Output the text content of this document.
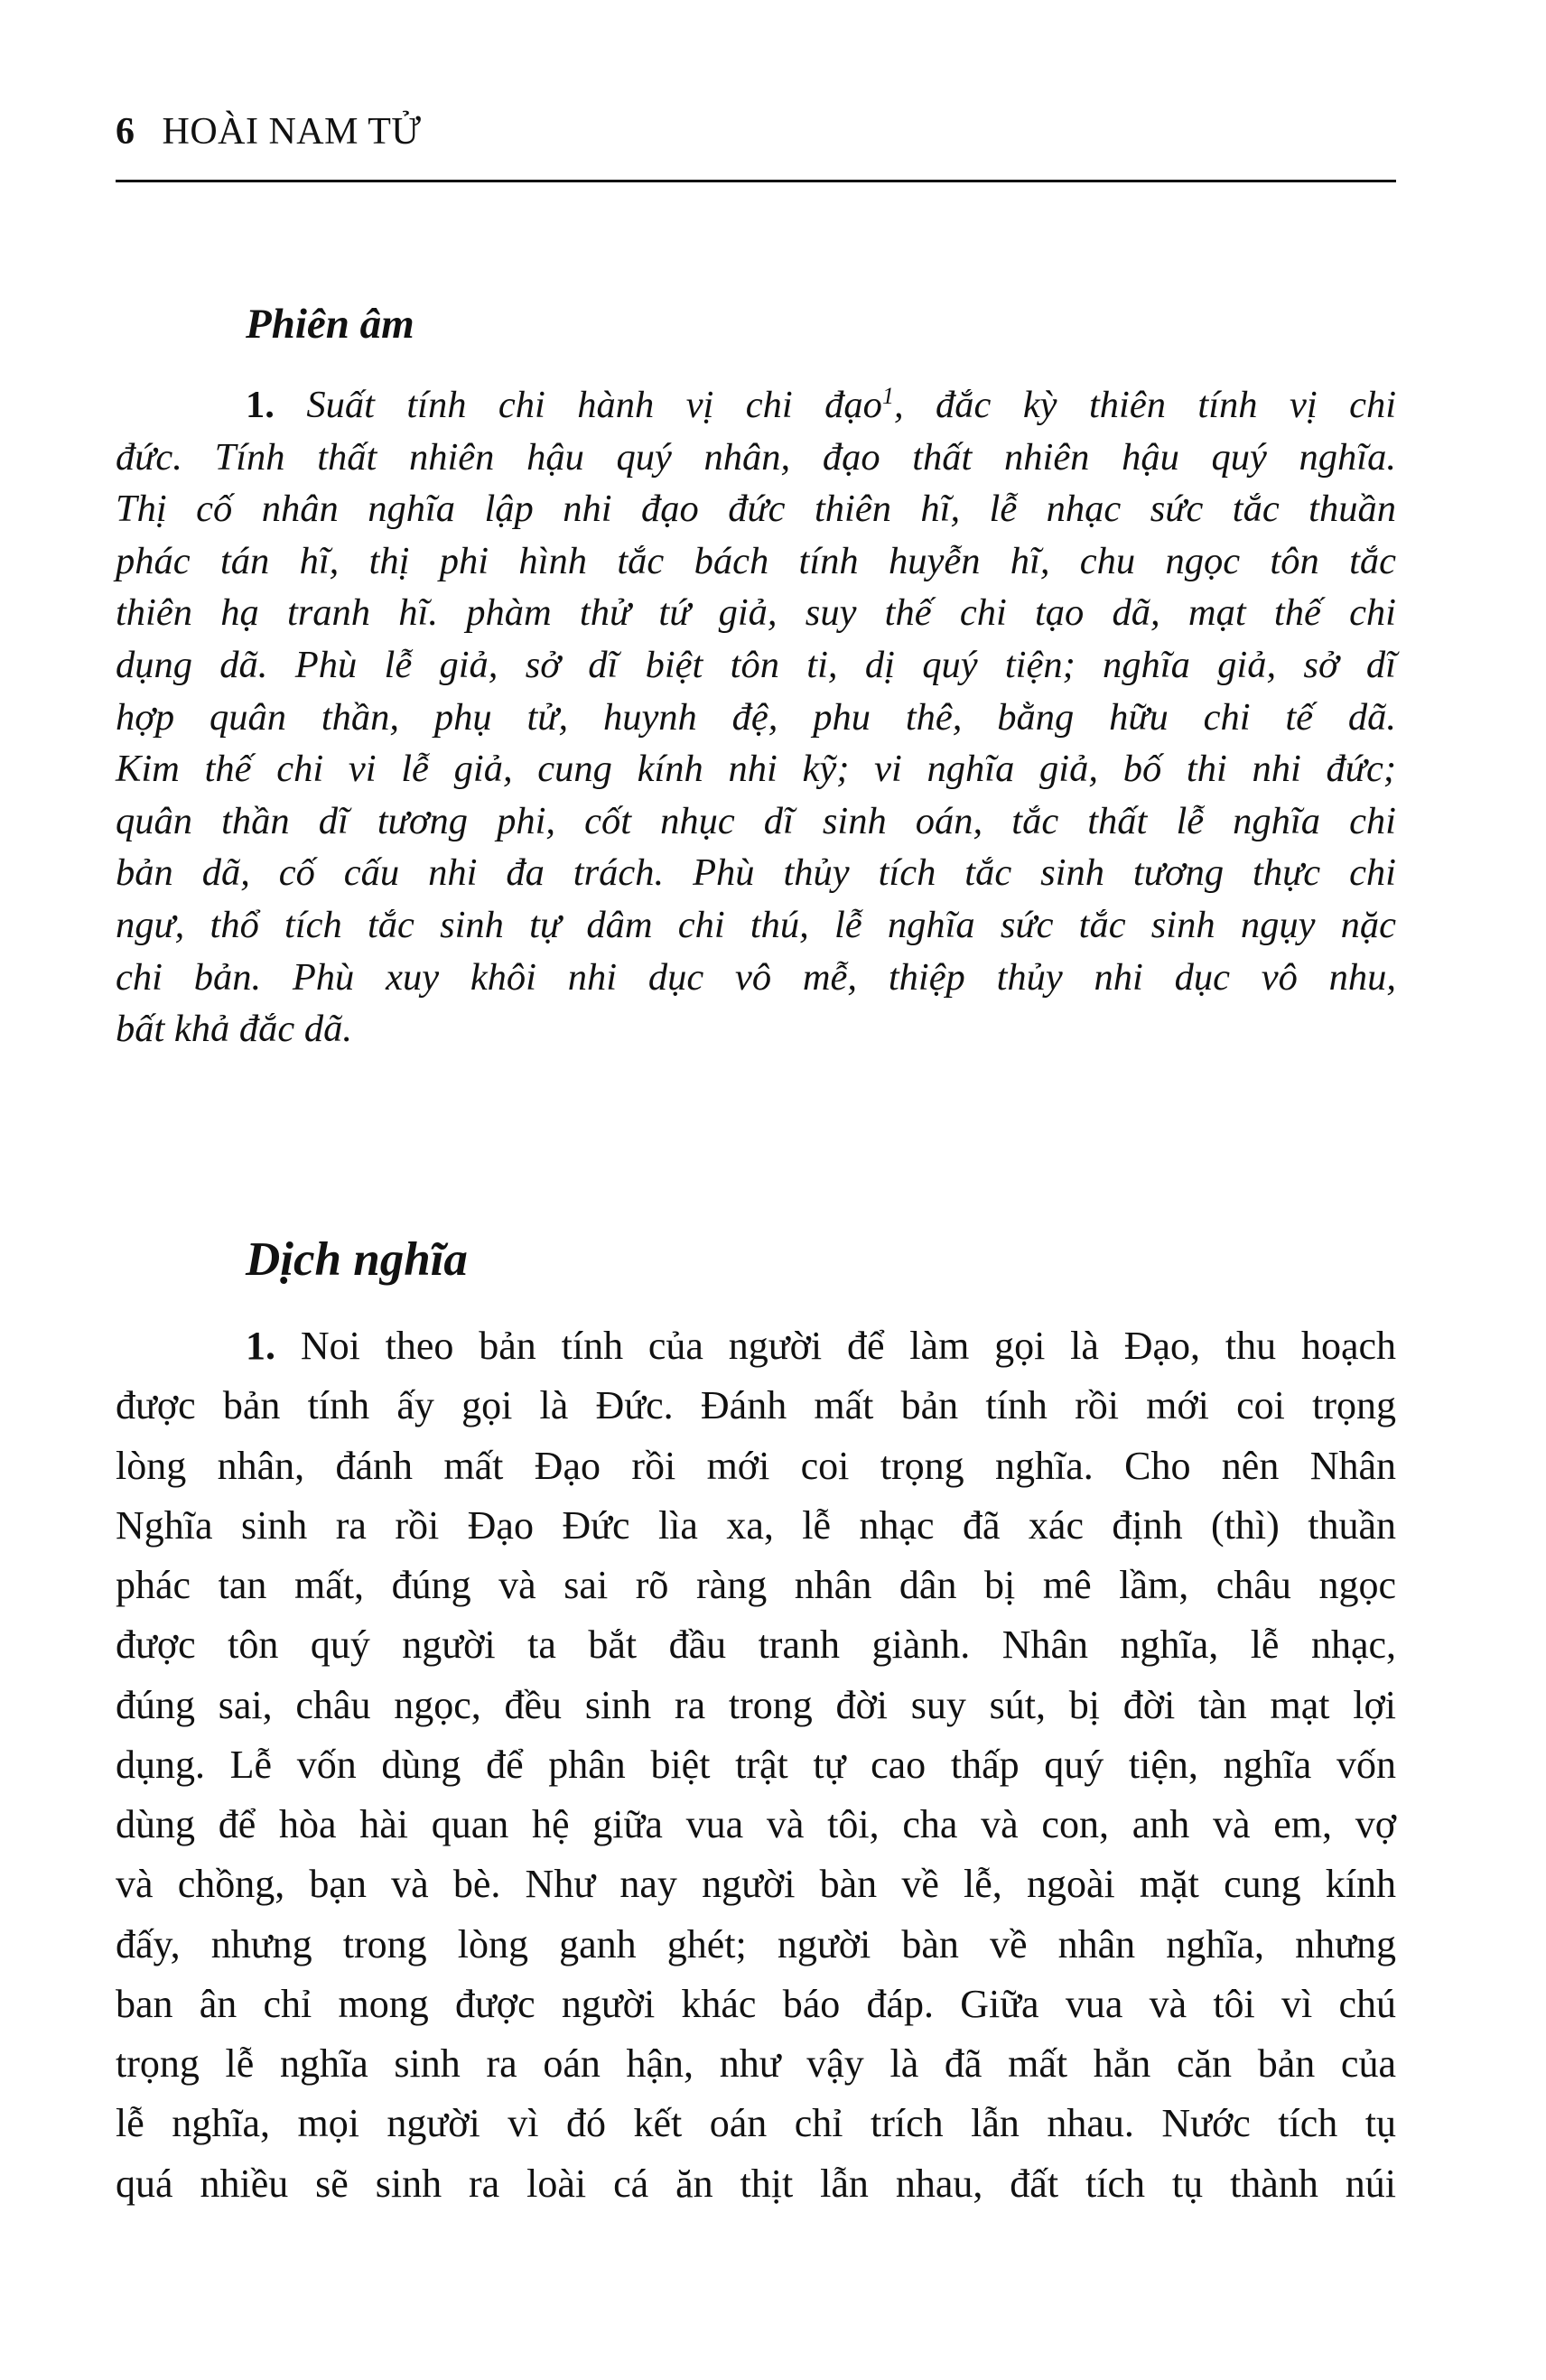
6 HOÀI NAM TỬ
Phiên âm
1. Suất tính chi hành vị chi đạo$^1$, đắc kỳ thiên tính vị chi
đức. Tính thất nhiên hậu quý nhân, đạo thất nhiên hậu quý nghĩa.
Thị cố nhân nghĩa lập nhi đạo đức thiên hĩ, lễ nhạc sức tắc thuần
phác tán hĩ, thị phi hình tắc bách tính huyễn hĩ, chu ngọc tôn tắc
thiên hạ tranh hĩ. phàm thử tứ giả, suy thế chi tạo dã, mạt thế chi
dụng dã. Phù lễ giả, sở dĩ biệt tôn ti, dị quý tiện; nghĩa giả, sở dĩ
hợp quân thần, phụ tử, huynh đệ, phu thê, bằng hữu chi tế dã.
Kim thế chi vi lễ giả, cung kính nhi kỹ; vi nghĩa giả, bố thi nhi đức;
quân thần dĩ tương phi, cốt nhục dĩ sinh oán, tắc thất lễ nghĩa chi
bản dã, cố cấu nhi đa trách. Phù thủy tích tắc sinh tương thực chi
ngư, thổ tích tắc sinh tự dâm chi thú, lễ nghĩa sức tắc sinh ngụy nặc
chi bản. Phù xuy khôi nhi dục vô mễ, thiệp thủy nhi dục vô nhu,
bất khả đắc dã.
Dịch nghĩa
1. Noi theo bản tính của người để làm gọi là Đạo, thu hoạch
được bản tính ấy gọi là Đức. Đánh mất bản tính rồi mới coi trọng
lòng nhân, đánh mất Đạo rồi mới coi trọng nghĩa. Cho nên Nhân
Nghĩa sinh ra rồi Đạo Đức lìa xa, lễ nhạc đã xác định (thì) thuần
phác tan mất, đúng và sai rõ ràng nhân dân bị mê lầm, châu ngọc
được tôn quý người ta bắt đầu tranh giành. Nhân nghĩa, lễ nhạc,
đúng sai, châu ngọc, đều sinh ra trong đời suy sút, bị đời tàn mạt lợi
dụng. Lễ vốn dùng để phân biệt trật tự cao thấp quý tiện, nghĩa vốn
dùng để hòa hài quan hệ giữa vua và tôi, cha và con, anh và em, vợ
và chồng, bạn và bè. Như nay người bàn về lễ, ngoài mặt cung kính
đấy, nhưng trong lòng ganh ghét; người bàn về nhân nghĩa, nhưng
ban ân chỉ mong được người khác báo đáp. Giữa vua và tôi vì chú
trọng lễ nghĩa sinh ra oán hận, như vậy là đã mất hẳn căn bản của
lễ nghĩa, mọi người vì đó kết oán chỉ trích lẫn nhau. Nước tích tụ
quá nhiều sẽ sinh ra loài cá ăn thịt lẫn nhau, đất tích tụ thành núi
